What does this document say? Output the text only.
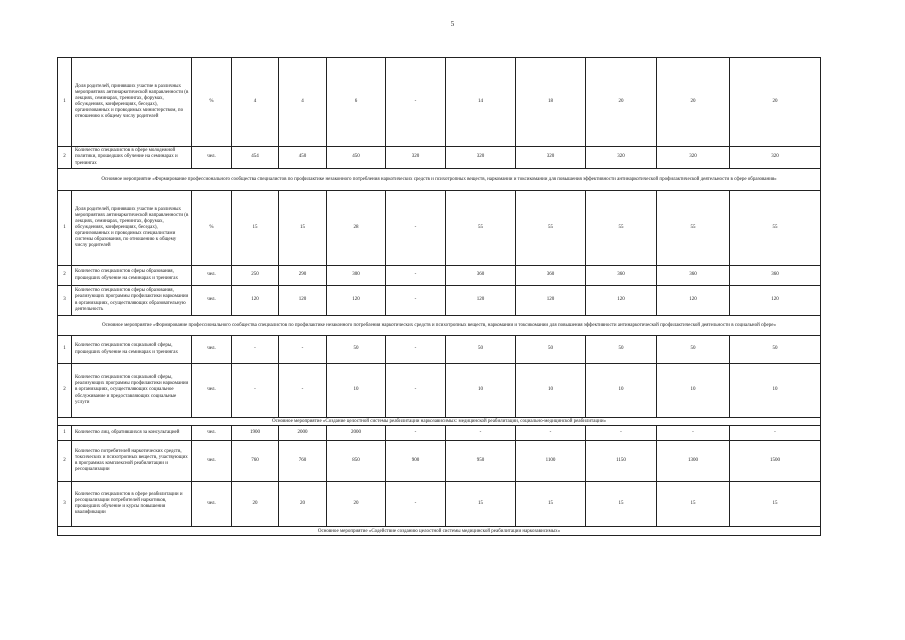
5
1	Доля родителей, принявших участие в различных мероприятиях антинаркотической направленности (в лекциях, семинарах, тренингах, форумах, обсуждениях, конференциях, беседах), организованных и проводимых министерством, по отношению к общему числу родителей	%	4	4	6	-	14	18	20	20	20
2	Количество специалистов в сфере молодежной политики, прошедших обучение на семинарах и тренингах	чел.	454	450	450	320	320	320	320	320	320
Основное мероприятие «Формирование профессионального сообщества специалистов по профилактике незаконного потребления наркотических средств и психотропных веществ, наркомании и токсикомании для повышения эффективности антинаркотической профилактической деятельности в сфере образования»											
1	Доля родителей, принявших участие в различных мероприятиях антинаркотической направленности (в лекциях, семинарах, тренингах, форумах, обсуждениях, конференциях, беседах), организованных и проводимых специалистами системы образования, по отношению к общему числу родителей	%	15	15	28	-	55	55	55	55	55
2	Количество специалистов сферы образования, прошедших обучение на семинарах и тренингах	чел.	250	290	300	-	360	360	360	360	360
3	Количество специалистов сферы образования, реализующих программы профилактики наркомании в организациях, осуществляющих образовательную деятельность	чел.	120	120	120	-	120	120	120	120	120
Основное мероприятие «Формирование профессионального сообщества специалистов по профилактике незаконного потребления наркотических средств и психотропных веществ, наркомании и токсикомании для повышения эффективности антинаркотической профилактической деятельности в социальной сфере»											
1	Количество специалистов социальной сферы, прошедших обучение на семинарах и тренингах	чел.	-	-	50	-	50	50	50	50	50
2	Количество специалистов социальной сферы, реализующих программы профилактики наркомании в организациях, осуществляющих социальное обслуживание и предоставляющих социальные услуги	чел.	-	-	10	-	10	10	10	10	10
Основное мероприятие «Создание целостной системы реабилитации наркозависимых: медицинской реабилитации, социально-медицинской реабилитации»											
1	Количество лиц, обратившихся за консультацией	чел.	1900	2000	2000	-	-	-	-	-	-
2	Количество потребителей наркотических средств, токсических и психотропных веществ, участвующих в программах комплексной реабилитации и ресоциализации	чел.	760	760	850	900	950	1100	1150	1300	1500
3	Количество специалистов в сфере реабилитации и ресоциализации потребителей наркотиков, прошедших обучение и курсы повышения квалификации	чел.	20	20	20	-	15	15	15	15	15
Основное мероприятие «Содействие созданию целостной системы медицинской реабилитации наркозависимых»											
